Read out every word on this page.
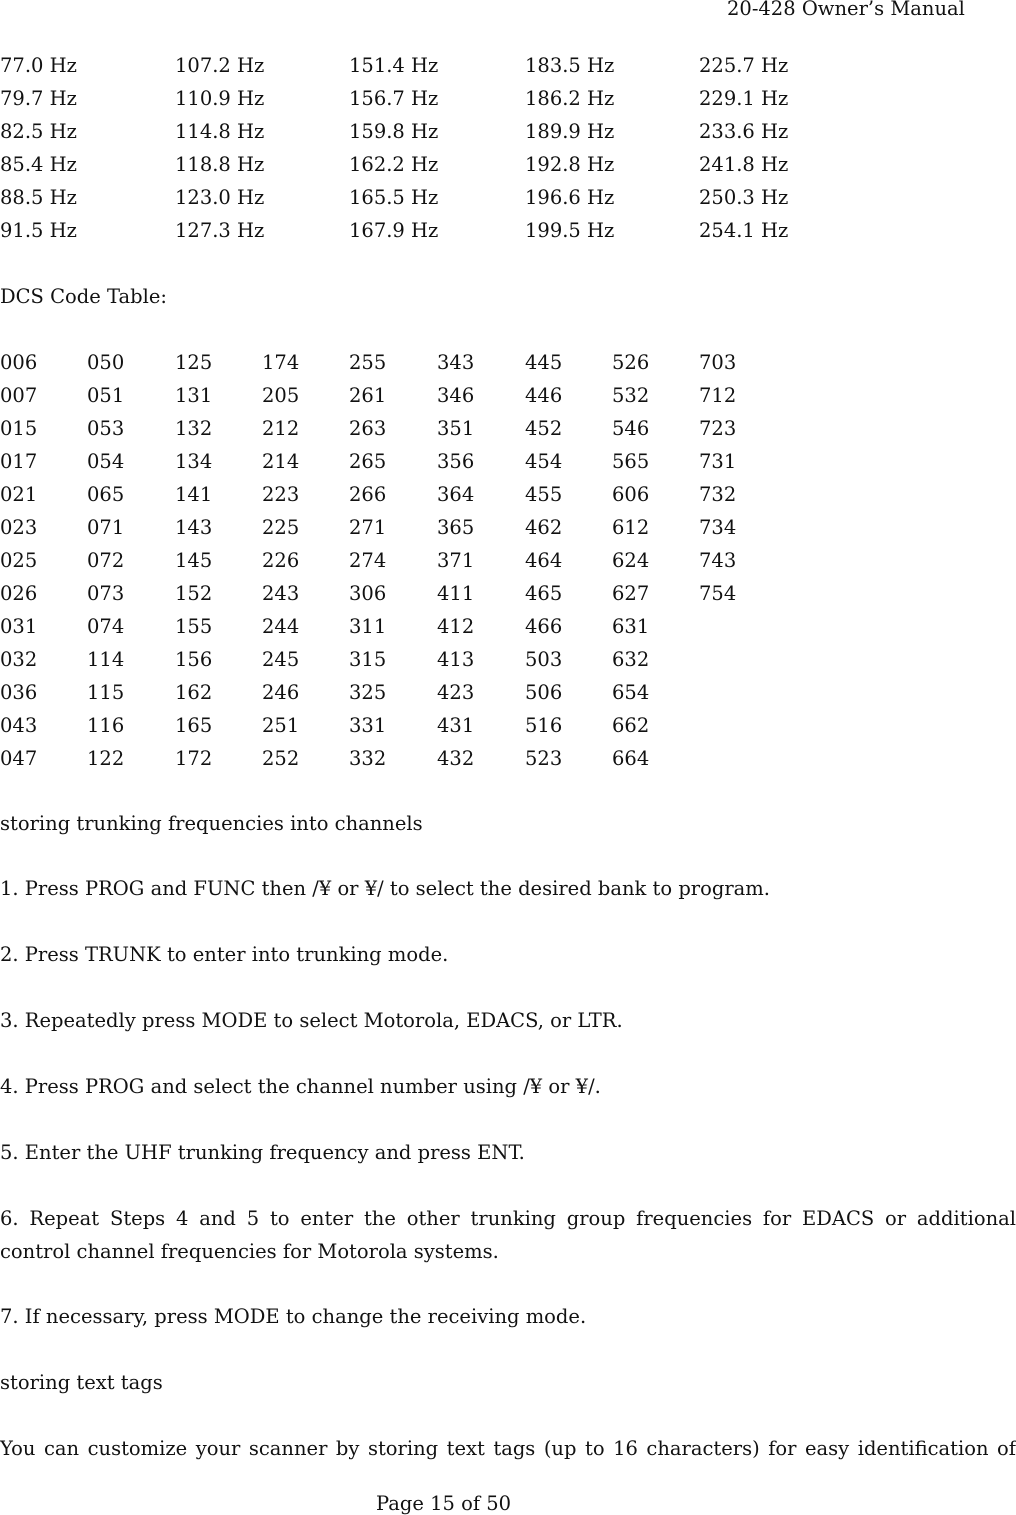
20-428 Owner’s Manual
77.0 Hz	107.2 Hz	151.4 Hz	183.5 Hz	225.7 Hz
79.7 Hz	110.9 Hz	156.7 Hz	186.2 Hz	229.1 Hz
82.5 Hz	114.8 Hz	159.8 Hz	189.9 Hz	233.6 Hz
85.4 Hz	118.8 Hz	162.2 Hz	192.8 Hz	241.8 Hz
88.5 Hz	123.0 Hz	165.5 Hz	196.6 Hz	250.3 Hz
91.5 Hz	127.3 Hz	167.9 Hz	199.5 Hz	254.1 Hz
DCS Code Table:
006	050	125	174	255	343	445	526	703
007	051	131	205	261	346	446	532	712
015	053	132	212	263	351	452	546	723
017	054	134	214	265	356	454	565	731
021	065	141	223	266	364	455	606	732
023	071	143	225	271	365	462	612	734
025	072	145	226	274	371	464	624	743
026	073	152	243	306	411	465	627	754
031	074	155	244	311	412	466	631
032	114	156	245	315	413	503	632
036	115	162	246	325	423	506	654
043	116	165	251	331	431	516	662
047	122	172	252	332	432	523	664
storing trunking frequencies into channels
1. Press PROG and FUNC then /¥ or ¥/ to select the desired bank to program.
2. Press TRUNK to enter into trunking mode.
3. Repeatedly press MODE to select Motorola, EDACS, or LTR.
4. Press PROG and select the channel number using /¥ or ¥/.
5. Enter the UHF trunking frequency and press ENT.
6. Repeat Steps 4 and 5 to enter the other trunking group frequencies for EDACS or additional control channel frequencies for Motorola systems.
7. If necessary, press MODE to change the receiving mode.
storing text tags
You can customize your scanner by storing text tags (up to 16 characters) for easy identification of
Page 15 of 50
